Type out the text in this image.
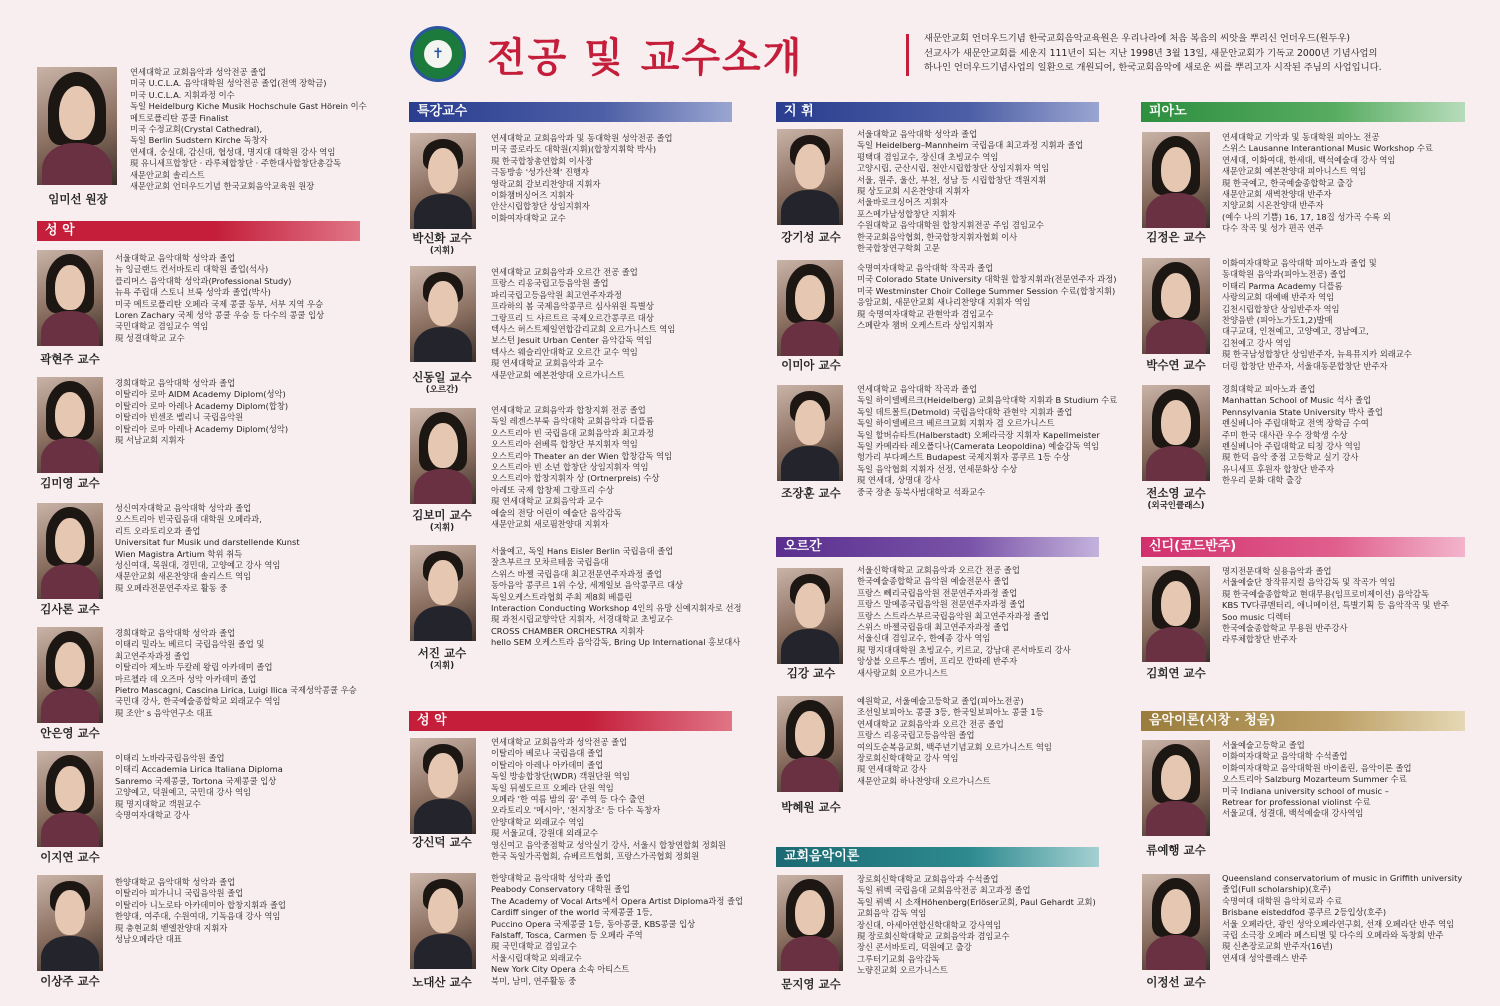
✝ 전공 및 교수소개	새문안교회 언더우드기념 한국교회음악교육원은 우리나라에 처음 복음의 씨앗을 뿌리신 언더우드(원두우)
선교사가 새문안교회를 세운지 111년이 되는 지난 1998년 3월 13일, 새문안교회가 기독교 2000년 기념사업의
하나인 언더우드기념사업의 일환으로 개원되어, 한국교회음악에 새로운 씨를 뿌리고자 시작된 주님의 사업입니다.
임미선 원장
연세대학교 교회음악과 성악전공 졸업
미국 U.C.L.A. 음악대학원 성악전공 졸업(전액 장학금)
미국 U.C.L.A. 지휘과정 이수
독일 Heidelburg Kiche Musik Hochschule Gast Hörein 이수
메트로폴리탄 콩쿨 Finalist
미국 수정교회(Crystal Cathedral),
독일 Berlin Sudstern Kirche 독창자
연세대, 숭실대, 감신대, 협성대, 명지대 대학원 강사 역임
現 유니세프합창단 · 라루체합창단 · 주한대사합창단총감독
새문안교회 솔리스트
새문안교회 언더우드기념 한국교회음악교육원 원장
성 악
특강교수
성 악
지 휘
오르간
교회음악이론
피아노
신디(코드반주)
음악이론(시창 · 청음)
곽현주 교수
서울대학교 음악대학 성악과 졸업
뉴 잉글랜드 컨서바토리 대학원 졸업(석사)
플리머스 음악대학 성악과(Professional Study)
뉴욕 주립대 스토니 브룩 성악과 졸업(박사)
미국 메트로폴리탄 오페라 국제 콩쿨 동부, 서부 지역 우승
Loren Zachary 국제 성악 콩쿨 우승 등 다수의 콩쿨 입상
국민대학교 겸임교수 역임
現 성결대학교 교수
김미영 교수
경희대학교 음악대학 성악과 졸업
이탈리아 로마 AIDM Academy Diplom(성악)
이탈리아 로마 아레나 Academy Diplom(합창)
이탈리아 빈센조 벨리니 국립음악원
이탈리아 로마 아레나 Academy Diplom(성악)
現 서남교회 지휘자
김사론 교수
성신여자대학교 음악대학 성악과 졸업
오스트리아 빈국립음대 대학원 오페라과,
리트 오라토리오과 졸업
Universitat fur Musik und darstellende Kunst
Wien Magistra Artium 학위 취득
성신여대, 목원대, 경민대, 고양예고 강사 역임
새문안교회 새온찬양대 솔리스트 역임
現 오페라전문연주자로 활동 중
안은영 교수
경희대학교 음악대학 성악과 졸업
이태리 밀라노 베르디 국립음악원 졸업 및
최고연주자과정 졸업
이탈리아 제노바 두칼레 왕립 아카데미 졸업
마르첼라 데 오즈마 성악 아카데미 졸업
Pietro Mascagni, Cascina Lirica, Luigi Ilica 국제성악콩쿨 우승
국민대 강사, 한국예술종합학교 외래교수 역임
現 조안' s 음악연구소 대표
이지연 교수
이태리 노바라국립음악원 졸업
이태리 Accademia Lirica Italiana Diploma
Sanremo 국제콩쿨, Tortona 국제콩쿨 입상
고양예고, 덕원예고, 국민대 강사 역임
現 명지대학교 객원교수
숙명여자대학교 강사
이상주 교수
한양대학교 음악대학 성악과 졸업
이탈리아 피가니니 국립음악원 졸업
이탈리아 니노로타 아카데미아 합창지휘과 졸업
한양대, 여주대, 수원여대, 기독음대 강사 역임
現 충현교회 벧엘찬양대 지휘자
성남오페라단 대표
박신화 교수
(지휘)
연세대학교 교회음악과 및 동대학원 성악전공 졸업
미국 콜로라도 대학원(지휘)(합창지휘학 박사)
現 한국합창총연합회 이사장
극동방송 '성가산책' 진행자
영락교회 갈보리찬양대 지휘자
이화챔버싱어즈 지휘자
안산시립합창단 상임지휘자
이화여자대학교 교수
신동일 교수
(오르간)
연세대학교 교회음악과 오르간 전공 졸업
프랑스 리옹국립고등음악원 졸업
파리국립고등음악원 최고연주자과정
프라하의 봄 국제음악콩쿠르 심사위원 특별상
그랑프리 드 샤르트르 국제오르간콩쿠르 대상
텍사스 허스트제일연합감리교회 오르가니스트 역임
보스턴 Jesuit Urban Center 음악감독 역임
텍사스 웨슬리안대학교 오르간 교수 역임
現 연세대학교 교회음악과 교수
새문안교회 예본찬양대 오르가니스트
김보미 교수
(지휘)
연세대학교 교회음악과 합창지휘 전공 졸업
독일 레겐스부룩 음악대학 교회음악과 디플롬
오스트리아 빈 국립음대 교회음악과 최고과정
오스트리아 쉰베륵 합창단 부지휘자 역임
오스트리아 Theater an der Wien 합창감독 역임
오스트리아 빈 소년 합창단 상임지휘자 역임
오스트리아 합창지휘자 상 (Ortnerpreis) 수상
아레또 국제 합창제 그랑프리 수상
現 연세대학교 교회음악과 교수
예술의 전당 어린이 예술단 음악감독
새문안교회 새로핌찬양대 지휘자
서진 교수
(지휘)
서울예고, 독일 Hans Eisler Berlin 국립음대 졸업
잘츠부르크 모차르테움 국립음대
스위스 바젤 국립음대 최고전문연주자과정 졸업
동아음악 콩쿠르 1위 수상, 세계일보 음악콩쿠르 대상
독일오케스트라협회 주최 제8회 베를린
Interaction Conducting Workshop 4인의 유망 신예지휘자로 선정
現 과천시립교향악단 지휘자, 서경대학교 초빙교수
CROSS CHAMBER ORCHESTRA 지휘자
hello SEM 오케스트라 음악감독, Bring Up International 홍보대사
강신덕 교수
연세대학교 교회음악과 성악전공 졸업
이탈리아 베로나 국립음대 졸업
이탈리아 아레나 아카데미 졸업
독일 방송합창단(WDR) 객원단원 역임
독일 뒤셀도르프 오페라 단원 역임
오페라 '한 여름 밤의 꿈' 주역 등 다수 출연
오라토리오 '메시아', '천지창조' 등 다수 독창자
안양대학교 외래교수 역임
現 서울교대, 강원대 외래교수
영신여고 음악중점학교 성악실기 강사, 서울시 합창연합회 정회원
한국 독일가곡협회, 슈베르트협회, 프랑스가곡협회 정회원
노대산 교수
한양대학교 음악대학 성악과 졸업
Peabody Conservatory 대학원 졸업
The Academy of Vocal Arts에서 Opera Artist Diploma과정 졸업
Cardiff singer of the world 국제콩쿨 1등,
Puccino Opera 국제콩쿨 1등, 동아콩쿨, KBS콩쿨 입상
Falstaff, Tosca, Carmen 등 오페라 주역
現 국민대학교 겸임교수
서울시립대학교 외래교수
New York City Opera 소속 아티스트
북미, 남미, 연주활동 중
강기성 교수
서울대학교 음악대학 성악과 졸업
독일 Heidelberg–Mannheim 국립음대 최고과정 지휘과 졸업
평택대 겸임교수, 장신대 초빙교수 역임
고양시립, 군산시립, 천안시립합창단 상임지휘자 역임
서울, 원주, 울산, 부천, 성남 등 시립합창단 객원지휘
現 상도교회 시온찬양대 지휘자
서울바로크싱어즈 지휘자
포스메가남성합창단 지휘자
수원대학교 음악대학원 합창지휘전공 주임 겸임교수
한국교회음악협회, 한국합창지휘자협회 이사
한국합창연구학회 고문
이미아 교수
숙명여자대학교 음악대학 작곡과 졸업
미국 Colorado State University 대학원 합창지휘과(전문연주자 과정)
미국 Westminster Choir College Summer Session 수료(합창지휘)
응암교회, 새문안교회 새나리찬양대 지휘자 역임
現 숙명여자대학교 관현악과 겸임교수
스페란자 챔버 오케스트라 상임지휘자
조장훈 교수
연세대학교 음악대학 작곡과 졸업
독일 하이델베르크(Heidelberg) 교회음악대학 지휘과 B Studium 수료
독일 데트몰트(Detmold) 국립음악대학 관현악 지휘과 졸업
독일 하이델베르크 베르크교회 지휘자 겸 오르가니스트
독일 할버슈타트(Halberstadt) 오페라극장 지휘자 Kapellmeister
독일 카메라타 레오폴디나(Camerata Leopoldina) 예술감독 역임
헝가리 부다페스트 Budapest 국제지휘자 콩쿠르 1등 수상
독일 음악협회 지휘자 선정, 연세문화상 수상
現 연세대, 상명대 강사
중국 장춘 동북사범대학교 석좌교수
김강 교수
서울신학대학교 교회음악과 오르간 전공 졸업
한국예술종합학교 음악원 예술전문사 졸업
프랑스 뻬리국립음악원 전문연주자과정 졸업
프랑스 말메종국립음악원 전문연주자과정 졸업
프랑스 스트라스부르국립음악원 최고연주자과정 졸업
스위스 바젤국립음대 최고연주자과정 졸업
서울신대 겸임교수, 한예종 강사 역임
現 명지대대학원 초빙교수, 키르교, 강남대 콘서바토리 강사
앙상블 오르투스 멤버, 프리모 깐따레 반주자
새사랑교회 오르가니스트
박혜원 교수
예원학교, 서울예술고등학교 졸업(피아노전공)
조선일보피아노 콩쿨 3등, 한국일보피아노 콩쿨 1등
연세대학교 교회음악과 오르간 전공 졸업
프랑스 리옹국립고등음악원 졸업
여의도순복음교회, 백주년기념교회 오르가니스트 역임
장로회신학대학교 강사 역임
現 연세대학교 강사
새문안교회 하나찬양대 오르가니스트
문지영 교수
장로회신학대학교 교회음악과 수석졸업
독일 뤼벡 국립음대 교회음악전공 최고과정 졸업
독일 뤼벡 시 소재Höhenberg(Erlöser교회, Paul Gehardt 교회)
교회음악 감독 역임
장신대, 아세아연합신학대학교 강사역임
現 장로회신학대학교 교회음악과 겸임교수
장신 콘서바토리, 덕원예고 출강
그루터기교회 음악감독
노량진교회 오르가니스트
김정은 교수
연세대학교 기악과 및 동대학원 피아노 전공
스위스 Lausanne Interantional Music Workshop 수료
연세대, 이화여대, 한세대, 백석예술대 강사 역임
새문안교회 예본찬양대 피아니스트 역임
現 한국예고, 한국예술종합학교 출강
새문안교회 새벽찬양대 반주자
지양교회 시온찬양대 반주자
(예수 나의 기쁨) 16, 17, 18집 성가곡 수록 외
다수 작곡 및 성가 편곡 연주
박수연 교수
이화여자대학교 음악대학 피아노과 졸업 및
동대학원 음악과(피아노전공) 졸업
이태리 Parma Academy 디플롬
사랑의교회 대예배 반주자 역임
김천시립합창단 상임반주자 역임
찬양음반 (피아노가도1,2)발매
대구교대, 인천예고, 고양예고, 경남예고,
김천예고 강사 역임
現 한국남성합창단 상임반주자, 뉴욕뮤지카 외래교수
더링 합창단 반주자, 서울대동문합창단 반주자
전소영 교수
(외국인클래스)
경희대학교 피아노과 졸업
Manhattan School of Music 석사 졸업
Pennsylvania State University 박사 졸업
펜실베니아 주립대학교 전액 장학금 수여
주미 한국 대사관 우수 장학생 수상
펜실베니아 주립대학교 티칭 강사 역임
現 한덕 음악 중점 고등학교 실기 강사
유니세프 후원자 합창단 반주자
한우리 문화 대학 출강
김희연 교수
명지전문대학 실용음악과 졸업
서울예술단 창작뮤지컬 음악감독 및 작곡가 역임
現 한국예술종합학교 현대무용(임프로비제이션) 음악감독
KBS TV다큐멘터리, 애니메이션, 특별기획 등 음악작곡 및 반주
Soo music 디렉터
한국예술종합학교 무용원 반주강사
라루체합창단 반주자
류예행 교수
서울예술고등학교 졸업
이화여자대학교 음악대학 수석졸업
이화여자대학교 음악대학원 바이올린, 음악이론 졸업
오스트리아 Salzburg Mozarteum Summer 수료
미국 Indiana university school of music –
Retrear for professional violinst 수료
서울교대, 성결대, 백석예술대 강사역임
이정선 교수
Queensland conservatorium of music in Griffith university
졸업(Full scholarship)(호주)
숙명여대 대학원 음악치료과 수료
Brisbane eisteddfod 콩쿠르 2등입상(호주)
서울 오페라단, 광인 성악오페라연구회, 선재 오페라단 반주 역임
국립 소극장 오페라 페스티벌 및 다수의 오페라와 독창회 반주
現 신촌장로교회 반주자(16년)
연세대 성악클래스 반주
